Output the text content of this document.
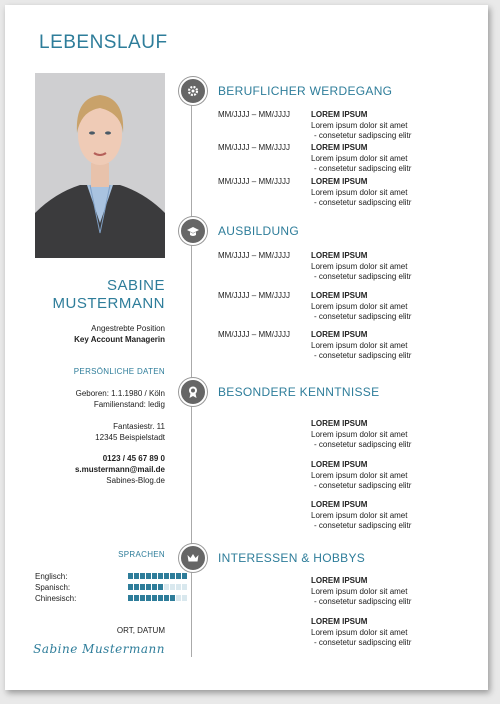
LEBENSLAUF
SABINE
MUSTERMANN
Angestrebte Position
Key Account Managerin
PERSÖNLICHE DATEN
Geboren: 1.1.1980 / Köln
Familienstand: ledig
Fantasiestr. 11
12345 Beispielstadt
0123 / 45 67 89 0
s.mustermann@mail.de
Sabines-Blog.de
SPRACHEN
Englisch:
Spanisch:
Chinesisch:
ORT, DATUM
Sabine Mustermann
BERUFLICHER WERDEGANG
AUSBILDUNG
BESONDERE KENNTNISSE
INTERESSEN & HOBBYS
MM/JJJJ – MM/JJJJ	LOREM IPSUM
Lorem ipsum dolor sit amet
- consetetur sadipscing elitr
MM/JJJJ – MM/JJJJ	LOREM IPSUM
Lorem ipsum dolor sit amet
- consetetur sadipscing elitr
MM/JJJJ – MM/JJJJ	LOREM IPSUM
Lorem ipsum dolor sit amet
- consetetur sadipscing elitr
MM/JJJJ – MM/JJJJ	LOREM IPSUM
Lorem ipsum dolor sit amet
- consetetur sadipscing elitr
MM/JJJJ – MM/JJJJ	LOREM IPSUM
Lorem ipsum dolor sit amet
- consetetur sadipscing elitr
MM/JJJJ – MM/JJJJ	LOREM IPSUM
Lorem ipsum dolor sit amet
- consetetur sadipscing elitr
LOREM IPSUM
Lorem ipsum dolor sit amet
- consetetur sadipscing elitr
LOREM IPSUM
Lorem ipsum dolor sit amet
- consetetur sadipscing elitr
LOREM IPSUM
Lorem ipsum dolor sit amet
- consetetur sadipscing elitr
LOREM IPSUM
Lorem ipsum dolor sit amet
- consetetur sadipscing elitr
LOREM IPSUM
Lorem ipsum dolor sit amet
- consetetur sadipscing elitr
